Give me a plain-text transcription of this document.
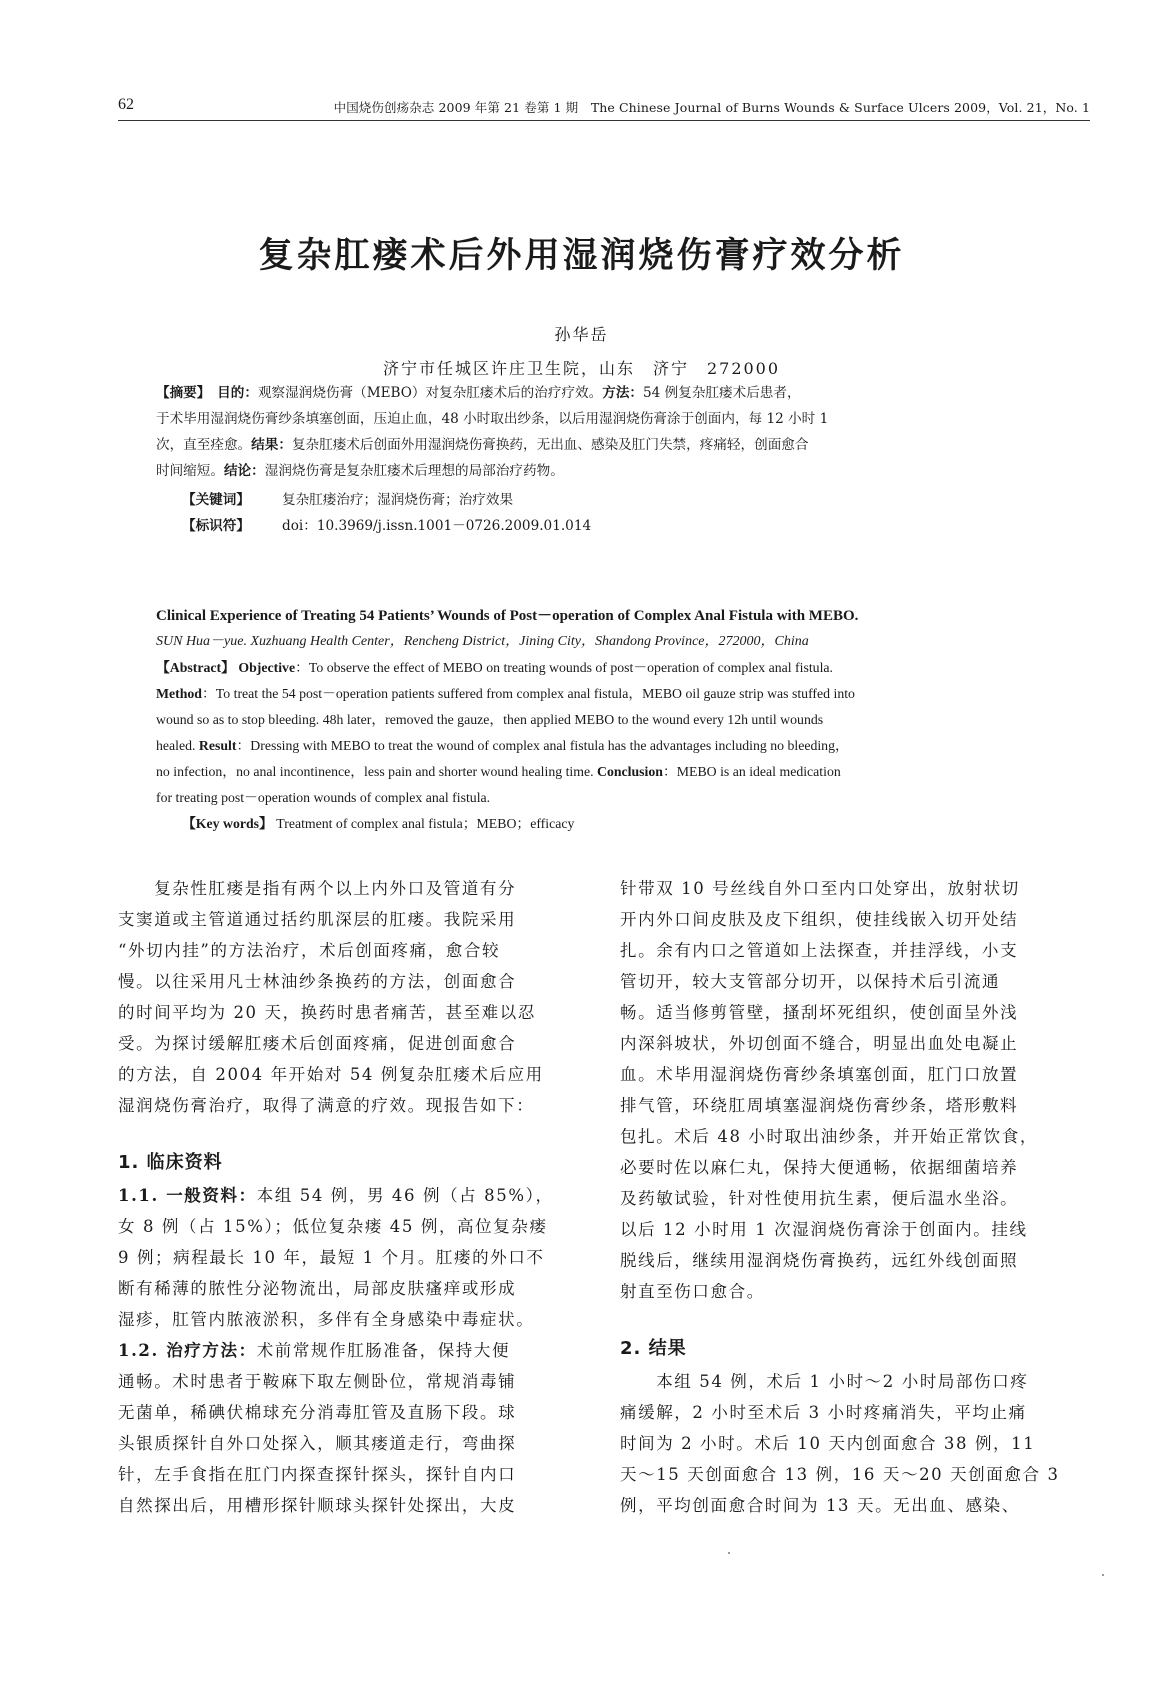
62	中国烧伤创疡杂志 2009 年第 21 卷第 1 期　The Chinese Journal of Burns Wounds & Surface Ulcers 2009，Vol. 21，No. 1
复杂肛瘘术后外用湿润烧伤膏疗效分析
孙华岳
济宁市任城区许庄卫生院，山东　济宁　272000
【摘要】　目的：观察湿润烧伤膏（MEBO）对复杂肛瘘术后的治疗疗效。方法：54 例复杂肛瘘术后患者，
于术毕用湿润烧伤膏纱条填塞创面，压迫止血，48 小时取出纱条，以后用湿润烧伤膏涂于创面内，每 12 小时 1
次，直至痊愈。结果：复杂肛瘘术后创面外用湿润烧伤膏换药，无出血、感染及肛门失禁，疼痛轻，创面愈合
时间缩短。结论：湿润烧伤膏是复杂肛瘘术后理想的局部治疗药物。
【关键词】 复杂肛瘘治疗；湿润烧伤膏；治疗效果
【标识符】 doi：10.3969/j.issn.1001－0726.2009.01.014
Clinical Experience of Treating 54 Patients’ Wounds of Post－operation of Complex Anal Fistula with MEBO.
SUN Hua－yue. Xuzhuang Health Center，Rencheng District，Jining City，Shandong Province，272000，China
【Abstract】 Objective：To observe the effect of MEBO on treating wounds of post－operation of complex anal fistula.
Method：To treat the 54 post－operation patients suffered from complex anal fistula，MEBO oil gauze strip was stuffed into
wound so as to stop bleeding. 48h later，removed the gauze，then applied MEBO to the wound every 12h until wounds
healed. Result：Dressing with MEBO to treat the wound of complex anal fistula has the advantages including no bleeding，
no infection，no anal incontinence，less pain and shorter wound healing time. Conclusion：MEBO is an ideal medication
for treating post－operation wounds of complex anal fistula.
【Key words】 Treatment of complex anal fistula；MEBO；efficacy
　　复杂性肛瘘是指有两个以上内外口及管道有分
支窦道或主管道通过括约肌深层的肛瘘。我院采用
“外切内挂”的方法治疗，术后创面疼痛，愈合较
慢。以往采用凡士林油纱条换药的方法，创面愈合
的时间平均为 20 天，换药时患者痛苦，甚至难以忍
受。为探讨缓解肛瘘术后创面疼痛，促进创面愈合
的方法，自 2004 年开始对 54 例复杂肛瘘术后应用
湿润烧伤膏治疗，取得了满意的疗效。现报告如下：
1. 临床资料
1.1. 一般资料：本组 54 例，男 46 例（占 85%），
女 8 例（占 15%）；低位复杂瘘 45 例，高位复杂瘘
9 例；病程最长 10 年，最短 1 个月。肛瘘的外口不
断有稀薄的脓性分泌物流出，局部皮肤瘙痒或形成
湿疹，肛管内脓液淤积，多伴有全身感染中毒症状。
1.2. 治疗方法：术前常规作肛肠准备，保持大便
通畅。术时患者于鞍麻下取左侧卧位，常规消毒铺
无菌单，稀碘伏棉球充分消毒肛管及直肠下段。球
头银质探针自外口处探入，顺其瘘道走行，弯曲探
针，左手食指在肛门内探查探针探头，探针自内口
自然探出后，用槽形探针顺球头探针处探出，大皮
针带双 10 号丝线自外口至内口处穿出，放射状切
开内外口间皮肤及皮下组织，使挂线嵌入切开处结
扎。余有内口之管道如上法探查，并挂浮线，小支
管切开，较大支管部分切开，以保持术后引流通
畅。适当修剪管壁，搔刮坏死组织，使创面呈外浅
内深斜坡状，外切创面不缝合，明显出血处电凝止
血。术毕用湿润烧伤膏纱条填塞创面，肛门口放置
排气管，环绕肛周填塞湿润烧伤膏纱条，塔形敷料
包扎。术后 48 小时取出油纱条，并开始正常饮食，
必要时佐以麻仁丸，保持大便通畅，依据细菌培养
及药敏试验，针对性使用抗生素，便后温水坐浴。
以后 12 小时用 1 次湿润烧伤膏涂于创面内。挂线
脱线后，继续用湿润烧伤膏换药，远红外线创面照
射直至伤口愈合。
2. 结果
　　本组 54 例，术后 1 小时～2 小时局部伤口疼
痛缓解，2 小时至术后 3 小时疼痛消失，平均止痛
时间为 2 小时。术后 10 天内创面愈合 38 例，11
天～15 天创面愈合 13 例，16 天～20 天创面愈合 3
例，平均创面愈合时间为 13 天。无出血、感染、
